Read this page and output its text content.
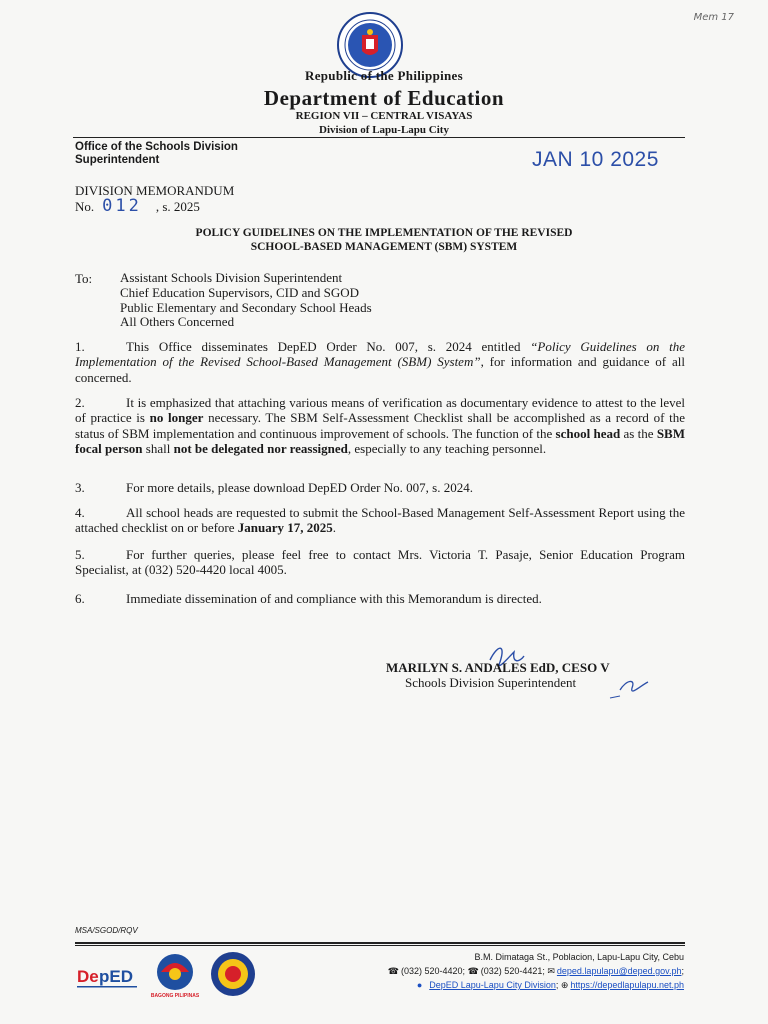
Mem 17
Republic of the Philippines
Department of Education
REGION VII – CENTRAL VISAYAS
Division of Lapu-Lapu City
Office of the Schools Division Superintendent	JAN 10 2025
DIVISION MEMORANDUM
No. 012 , s. 2025
POLICY GUIDELINES ON THE IMPLEMENTATION OF THE REVISED
SCHOOL-BASED MANAGEMENT (SBM) SYSTEM
To: Assistant Schools Division Superintendent
Chief Education Supervisors, CID and SGOD
Public Elementary and Secondary School Heads
All Others Concerned
1.	This Office disseminates DepED Order No. 007, s. 2024 entitled “Policy Guidelines on the Implementation of the Revised School-Based Management (SBM) System”, for information and guidance of all concerned.
2.	It is emphasized that attaching various means of verification as documentary evidence to attest to the level of practice is no longer necessary. The SBM Self-Assessment Checklist shall be accomplished as a record of the status of SBM implementation and continuous improvement of schools. The function of the school head as the SBM focal person shall not be delegated nor reassigned, especially to any teaching personnel.
3.	For more details, please download DepED Order No. 007, s. 2024.
4.	All school heads are requested to submit the School-Based Management Self-Assessment Report using the attached checklist on or before January 17, 2025.
5.	For further queries, please feel free to contact Mrs. Victoria T. Pasaje, Senior Education Program Specialist, at (032) 520-4420 local 4005.
6.	Immediate dissemination of and compliance with this Memorandum is directed.
MARILYN S. ANDALES EdD, CESO V
Schools Division Superintendent
MSA/SGOD/RQV
De pED
BAGONG PILIPINAS
B.M. Dimataga St., Poblacion, Lapu-Lapu City, Cebu
☎ (032) 520-4420; ☎ (032) 520-4421; ✉ deped.lapulapu@deped.gov.ph;
● DepED Lapu-Lapu City Division; ⊕ https://depedlapulapu.net.ph
